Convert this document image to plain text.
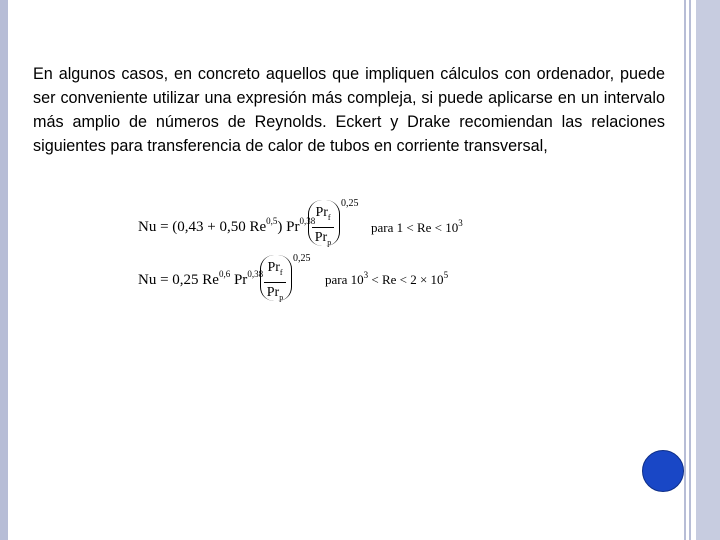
En algunos casos, en concreto aquellos que impliquen cálculos con ordenador, puede ser conveniente utilizar una expresión más compleja, si puede aplicarse en un intervalo más amplio de números de Reynolds. Eckert y Drake recomiendan las relaciones siguientes para transferencia de calor de tubos en corriente transversal,

Nu = (0,43 + 0,50 Re$^{0,5}$) Pr$^{0,38}$
$Pr_f$
$Pr_p$
0,25
para $1 < Re < 10^3$
Nu = 0,25 Re$^{0,6}$ Pr$^{0,38}$ $Pr_f$
$Pr_p$
0,25
para $10^3 < Re < 2 \times 10^5$
